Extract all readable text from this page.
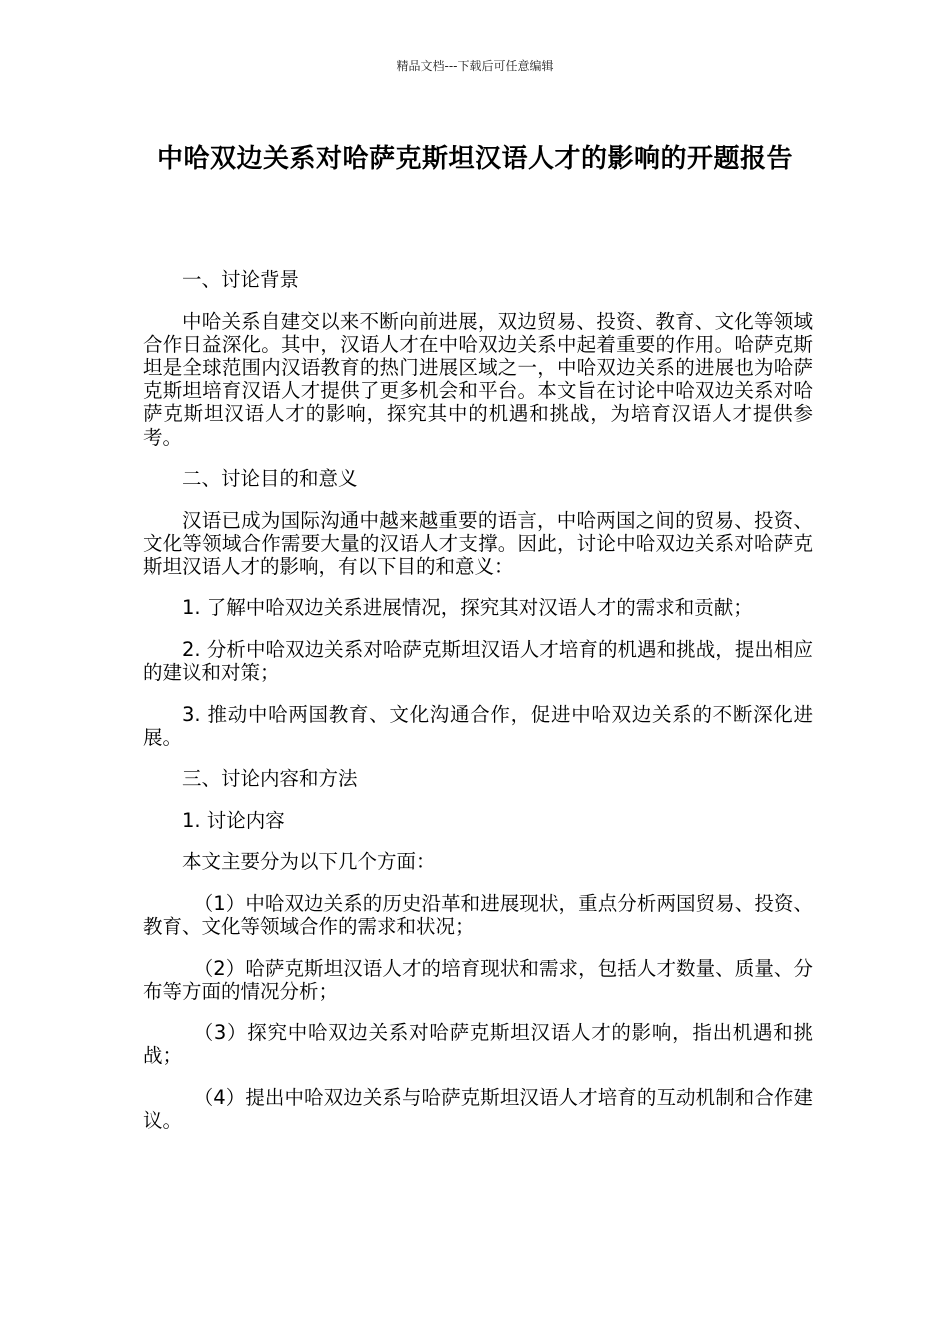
精品文档---下载后可任意编辑
中哈双边关系对哈萨克斯坦汉语人才的影响的开题报告

一、讨论背景

中哈关系自建交以来不断向前进展，双边贸易、投资、教育、文化等领域合作日益深化。其中，汉语人才在中哈双边关系中起着重要的作用。哈萨克斯坦是全球范围内汉语教育的热门进展区域之一，中哈双边关系的进展也为哈萨克斯坦培育汉语人才提供了更多机会和平台。本文旨在讨论中哈双边关系对哈萨克斯坦汉语人才的影响，探究其中的机遇和挑战，为培育汉语人才提供参考。

二、讨论目的和意义

汉语已成为国际沟通中越来越重要的语言，中哈两国之间的贸易、投资、文化等领域合作需要大量的汉语人才支撑。因此，讨论中哈双边关系对哈萨克斯坦汉语人才的影响，有以下目的和意义：

1. 了解中哈双边关系进展情况，探究其对汉语人才的需求和贡献；

2. 分析中哈双边关系对哈萨克斯坦汉语人才培育的机遇和挑战，提出相应的建议和对策；

3. 推动中哈两国教育、文化沟通合作，促进中哈双边关系的不断深化进展。

三、讨论内容和方法

1. 讨论内容

本文主要分为以下几个方面：

（1）中哈双边关系的历史沿革和进展现状，重点分析两国贸易、投资、教育、文化等领域合作的需求和状况；

（2）哈萨克斯坦汉语人才的培育现状和需求，包括人才数量、质量、分布等方面的情况分析；

（3）探究中哈双边关系对哈萨克斯坦汉语人才的影响，指出机遇和挑战；

（4）提出中哈双边关系与哈萨克斯坦汉语人才培育的互动机制和合作建议。
